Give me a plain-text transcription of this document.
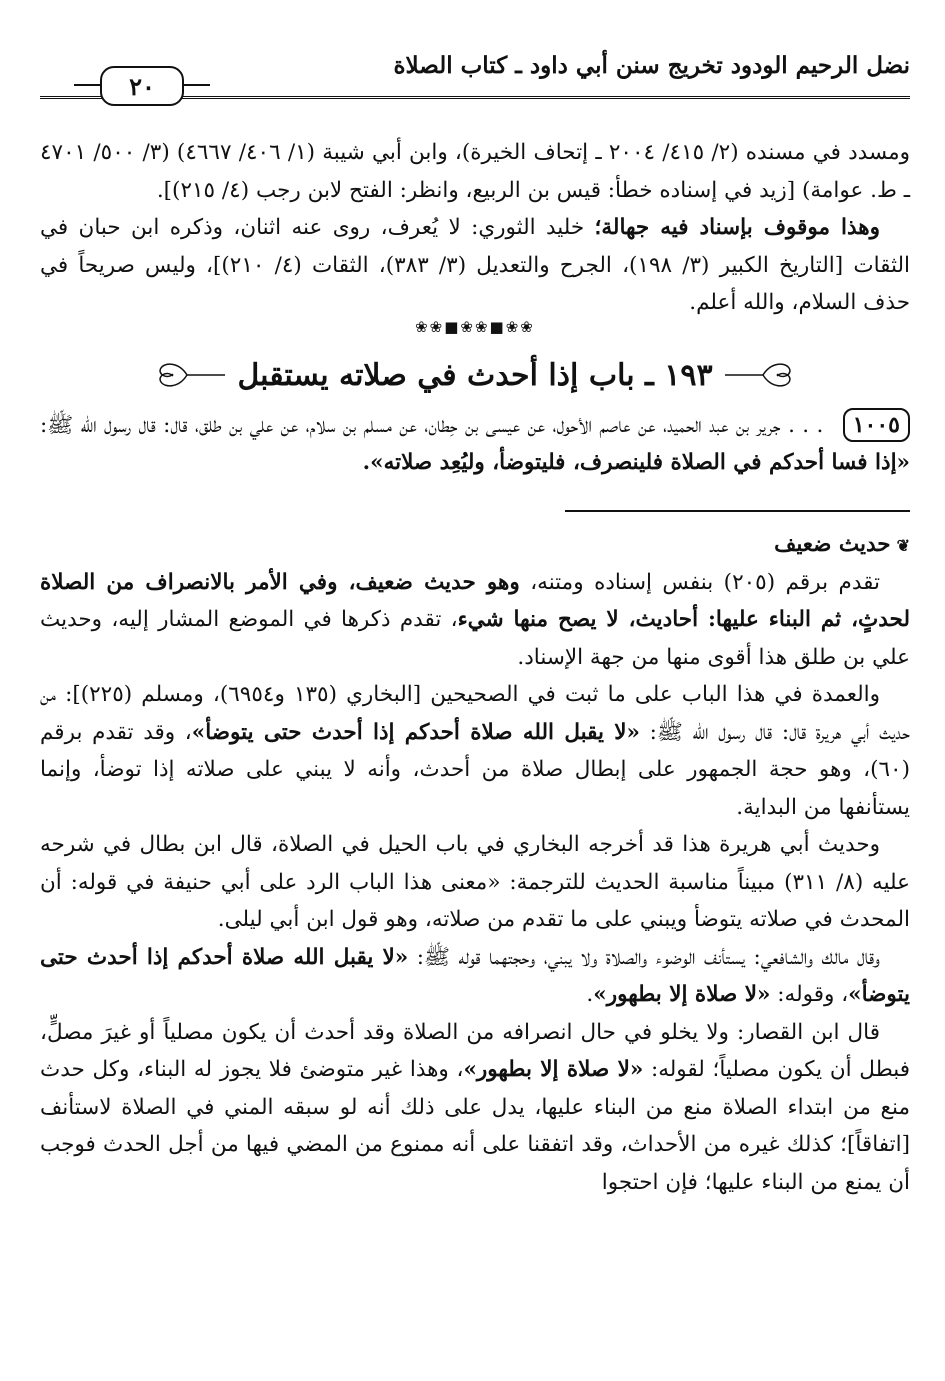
نضل الرحيم الودود تخريج سنن أبي داود ـ كتاب الصلاة
٢٠

ومسدد في مسنده (٢/ ٤١٥/ ٢٠٠٤ ـ إتحاف الخيرة)، وابن أبي شيبة (١/ ٤٠٦/ ٤٦٦٧) (٣/ ٥٠٠/ ٤٧٠١ ـ ط. عوامة) [زيد في إسناده خطأ: قيس بن الربيع، وانظر: الفتح لابن رجب (٤/ ٢١٥)].

وهذا موقوف بإسناد فيه جهالة؛ خليد الثوري: لا يُعرف، روى عنه اثنان، وذكره ابن حبان في الثقات [التاريخ الكبير (٣/ ١٩٨)، الجرح والتعديل (٣/ ٣٨٣)، الثقات (٤/ ٢١٠)]، وليس صريحاً في حذف السلام، والله أعلم.

❀❀■❀❀■❀❀
١٩٣ ـ باب إذا أحدث في صلاته يستقبل

١٠٠٥ . . . جرير بن عبد الحميد، عن عاصم الأحول، عن عيسى بن حِطان، عن مسلم بن سلام، عن علي بن طلق، قال: قال رسول الله ﷺ: «إذا فسا أحدكم في الصلاة فلينصرف، فليتوضأ، وليُعِد صلاته».

❦حديث ضعيف

تقدم برقم (٢٠٥) بنفس إسناده ومتنه، وهو حديث ضعيف، وفي الأمر بالانصراف من الصلاة لحدثٍ، ثم البناء عليها: أحاديث، لا يصح منها شيء، تقدم ذكرها في الموضع المشار إليه، وحديث علي بن طلق هذا أقوى منها من جهة الإسناد.

والعمدة في هذا الباب على ما ثبت في الصحيحين [البخاري (١٣٥ و٦٩٥٤)، ومسلم (٢٢٥)]: من حديث أبي هريرة قال: قال رسول الله ﷺ: «لا يقبل الله صلاة أحدكم إذا أحدث حتى يتوضأ»، وقد تقدم برقم (٦٠)، وهو حجة الجمهور على إبطال صلاة من أحدث، وأنه لا يبني على صلاته إذا توضأ، وإنما يستأنفها من البداية.

وحديث أبي هريرة هذا قد أخرجه البخاري في باب الحيل في الصلاة، قال ابن بطال في شرحه عليه (٨/ ٣١١) مبيناً مناسبة الحديث للترجمة: «معنى هذا الباب الرد على أبي حنيفة في قوله: أن المحدث في صلاته يتوضأ ويبني على ما تقدم من صلاته، وهو قول ابن أبي ليلى.

وقال مالك والشافعي: يستأنف الوضوء والصلاة ولا يبني، وحجتهما قوله ﷺ: «لا يقبل الله صلاة أحدكم إذا أحدث حتى يتوضأ»، وقوله: «لا صلاة إلا بطهور».

قال ابن القصار: ولا يخلو في حال انصرافه من الصلاة وقد أحدث أن يكون مصلياً أو غيرَ مصلٍّ، فبطل أن يكون مصلياً؛ لقوله: «لا صلاة إلا بطهور»، وهذا غير متوضئ فلا يجوز له البناء، وكل حدث منع من ابتداء الصلاة منع من البناء عليها، يدل على ذلك أنه لو سبقه المني في الصلاة لاستأنف [اتفاقاً]؛ كذلك غيره من الأحداث، وقد اتفقنا على أنه ممنوع من المضي فيها من أجل الحدث فوجب أن يمنع من البناء عليها؛ فإن احتجوا
